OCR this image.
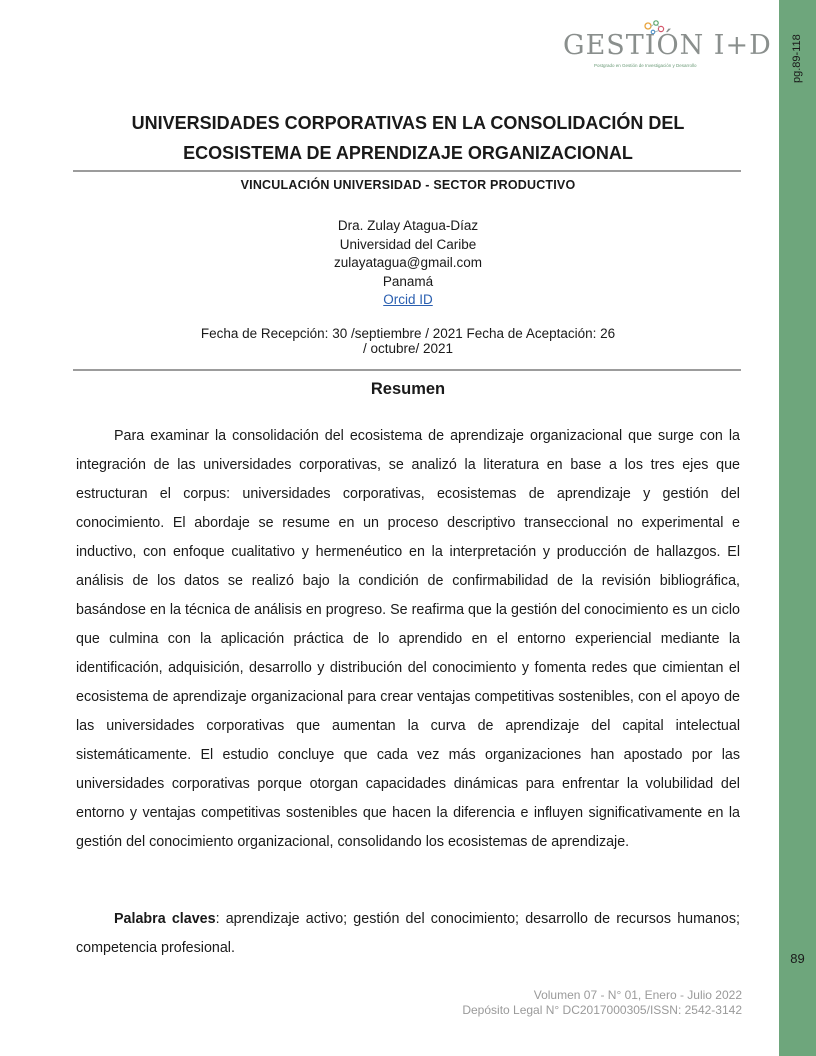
pg.89-118
89
GESTIÓN I+D
Postgrado en Gestión de Investigación y Desarrollo
UNIVERSIDADES CORPORATIVAS EN LA CONSOLIDACIÓN DEL ECOSISTEMA DE APRENDIZAJE ORGANIZACIONAL
VINCULACIÓN UNIVERSIDAD - SECTOR PRODUCTIVO
Dra. Zulay Atagua-Díaz
Universidad del Caribe
zulayatagua@gmail.com
Panamá
Orcid ID
Fecha de Recepción: 30 /septiembre / 2021 Fecha de Aceptación: 26 / octubre/ 2021
Resumen

Para examinar la consolidación del ecosistema de aprendizaje organizacional que surge con la integración de las universidades corporativas, se analizó la literatura en base a los tres ejes que estructuran el corpus: universidades corporativas, ecosistemas de aprendizaje y gestión del conocimiento. El abordaje se resume en un proceso descriptivo transeccional no experimental e inductivo, con enfoque cualitativo y hermenéutico en la interpretación y producción de hallazgos. El análisis de los datos se realizó bajo la condición de confirmabilidad de la revisión bibliográfica, basándose en la técnica de análisis en progreso. Se reafirma que la gestión del conocimiento es un ciclo que culmina con la aplicación práctica de lo aprendido en el entorno experiencial mediante la identificación, adquisición, desarrollo y distribución del conocimiento y fomenta redes que cimientan el ecosistema de aprendizaje organizacional para crear ventajas competitivas sostenibles, con el apoyo de las universidades corporativas que aumentan la curva de aprendizaje del capital intelectual sistemáticamente. El estudio concluye que cada vez más organizaciones han apostado por las universidades corporativas porque otorgan capacidades dinámicas para enfrentar la volubilidad del entorno y ventajas competitivas sostenibles que hacen la diferencia e influyen significativamente en la gestión del conocimiento organizacional, consolidando los ecosistemas de aprendizaje.

Palabra claves: aprendizaje activo; gestión del conocimiento; desarrollo de recursos humanos; competencia profesional.

Volumen 07 - N° 01, Enero - Julio 2022
Depósito Legal N° DC2017000305/ISSN: 2542-3142
